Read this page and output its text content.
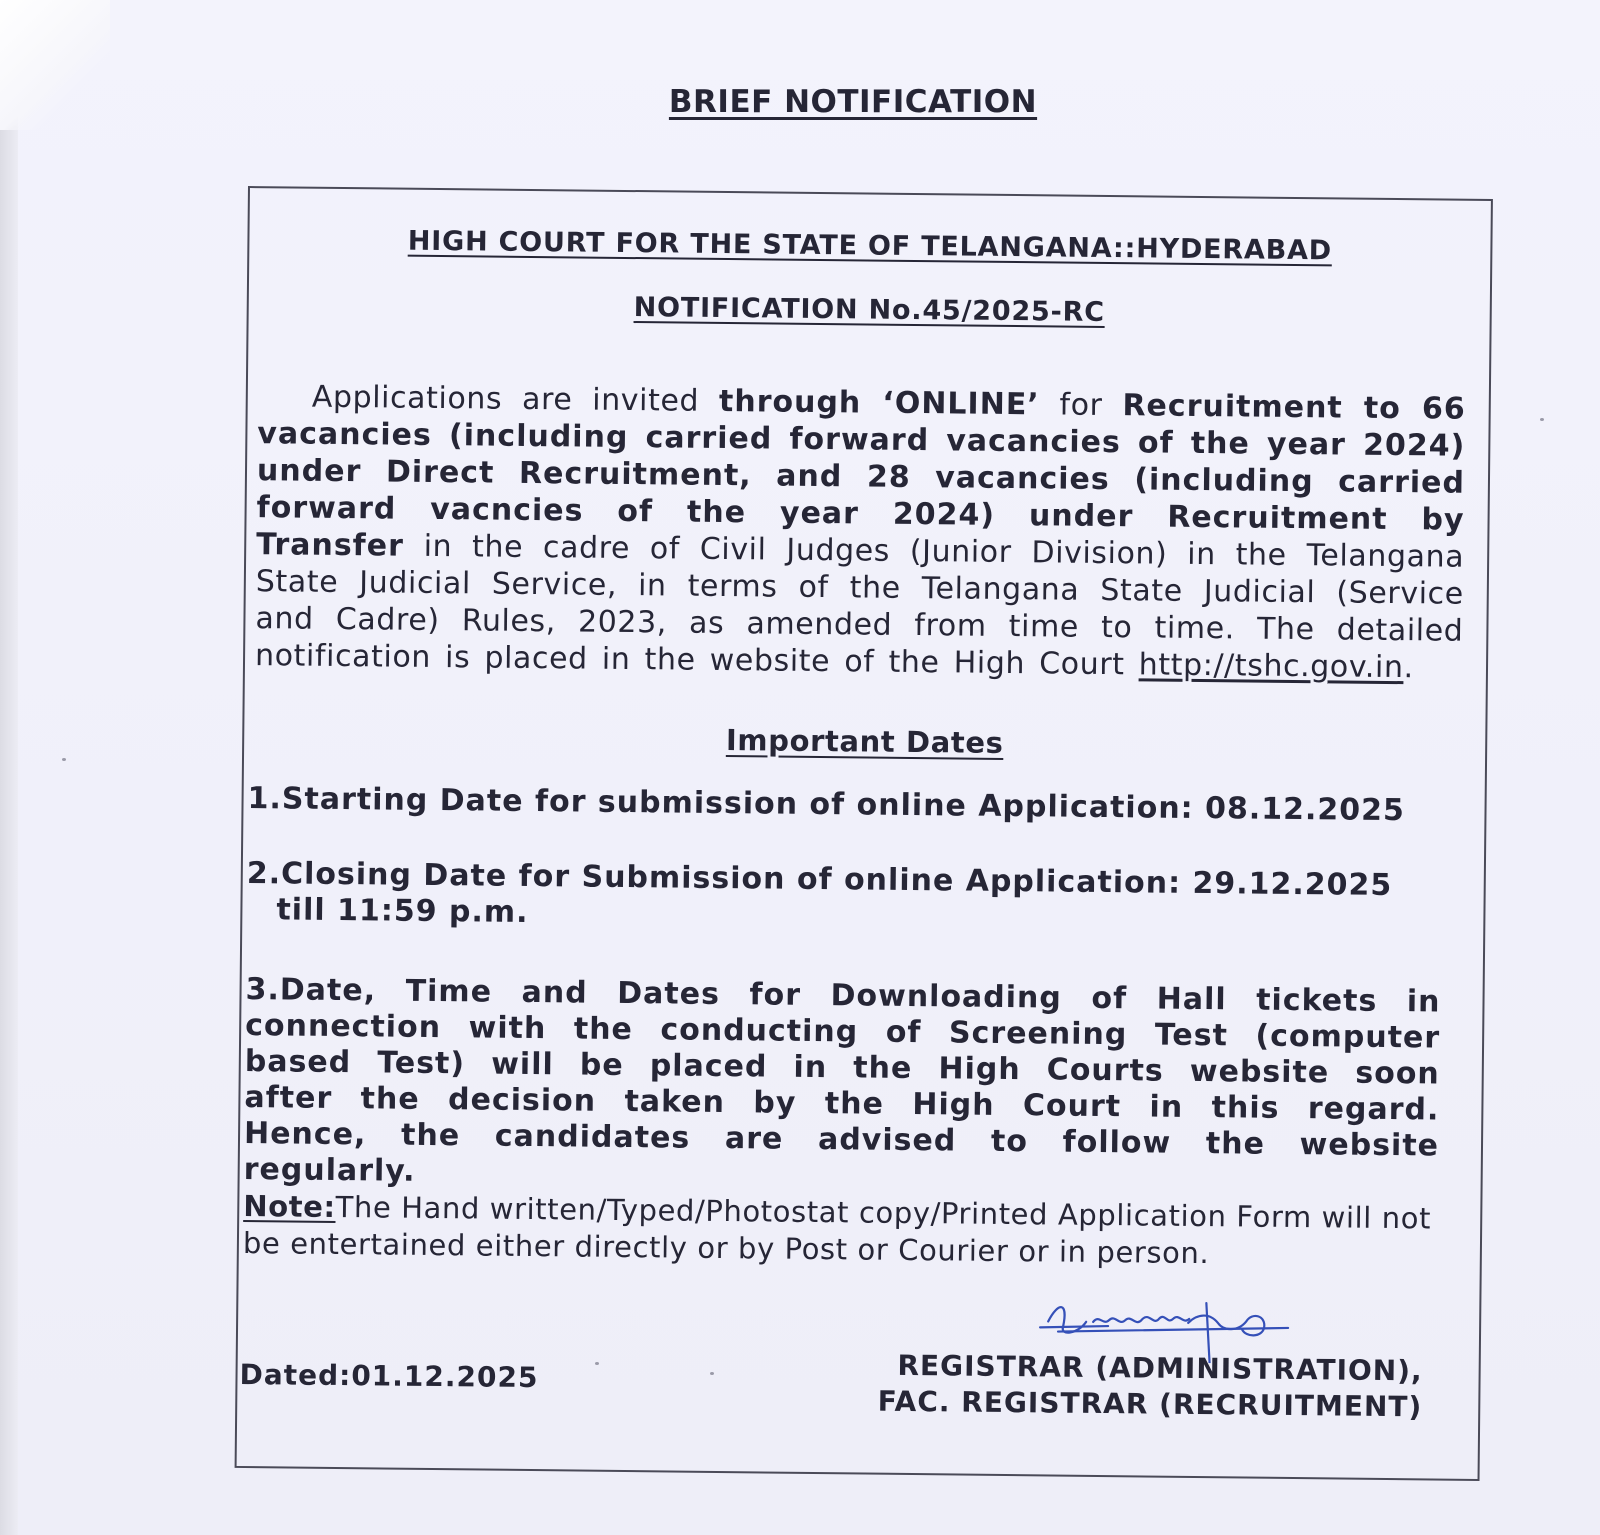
BRIEF NOTIFICATION
HIGH COURT FOR THE STATE OF TELANGANA::HYDERABAD
NOTIFICATION No.45/2025-RC
Applications are invited through ‘ONLINE’ for Recruitment to 66 vacancies (including carried forward vacancies of the year 2024) under Direct Recruitment, and 28 vacancies (including carried forward vacncies of the year 2024) under Recruitment by Transfer in the cadre of Civil Judges (Junior Division) in the Telangana State Judicial Service, in terms of the Telangana State Judicial (Service and Cadre) Rules, 2023, as amended from time to time. The detailed notification is placed in the website of the High Court http://tshc.gov.in.
Important Dates
1.Starting Date for submission of online Application: 08.12.2025
2.Closing Date for Submission of online Application: 29.12.2025
till 11:59 p.m.
3.Date, Time and Dates for Downloading of Hall tickets in connection with the conducting of Screening Test (computer based Test) will be placed in the High Courts website soon after the decision taken by the High Court in this regard. Hence, the candidates are advised to follow the website regularly.
Note:The Hand written/Typed/Photostat copy/Printed Application Form will not be entertained either directly or by Post or Courier or in person.
REGISTRAR (ADMINISTRATION),
FAC. REGISTRAR (RECRUITMENT)
Dated:01.12.2025
